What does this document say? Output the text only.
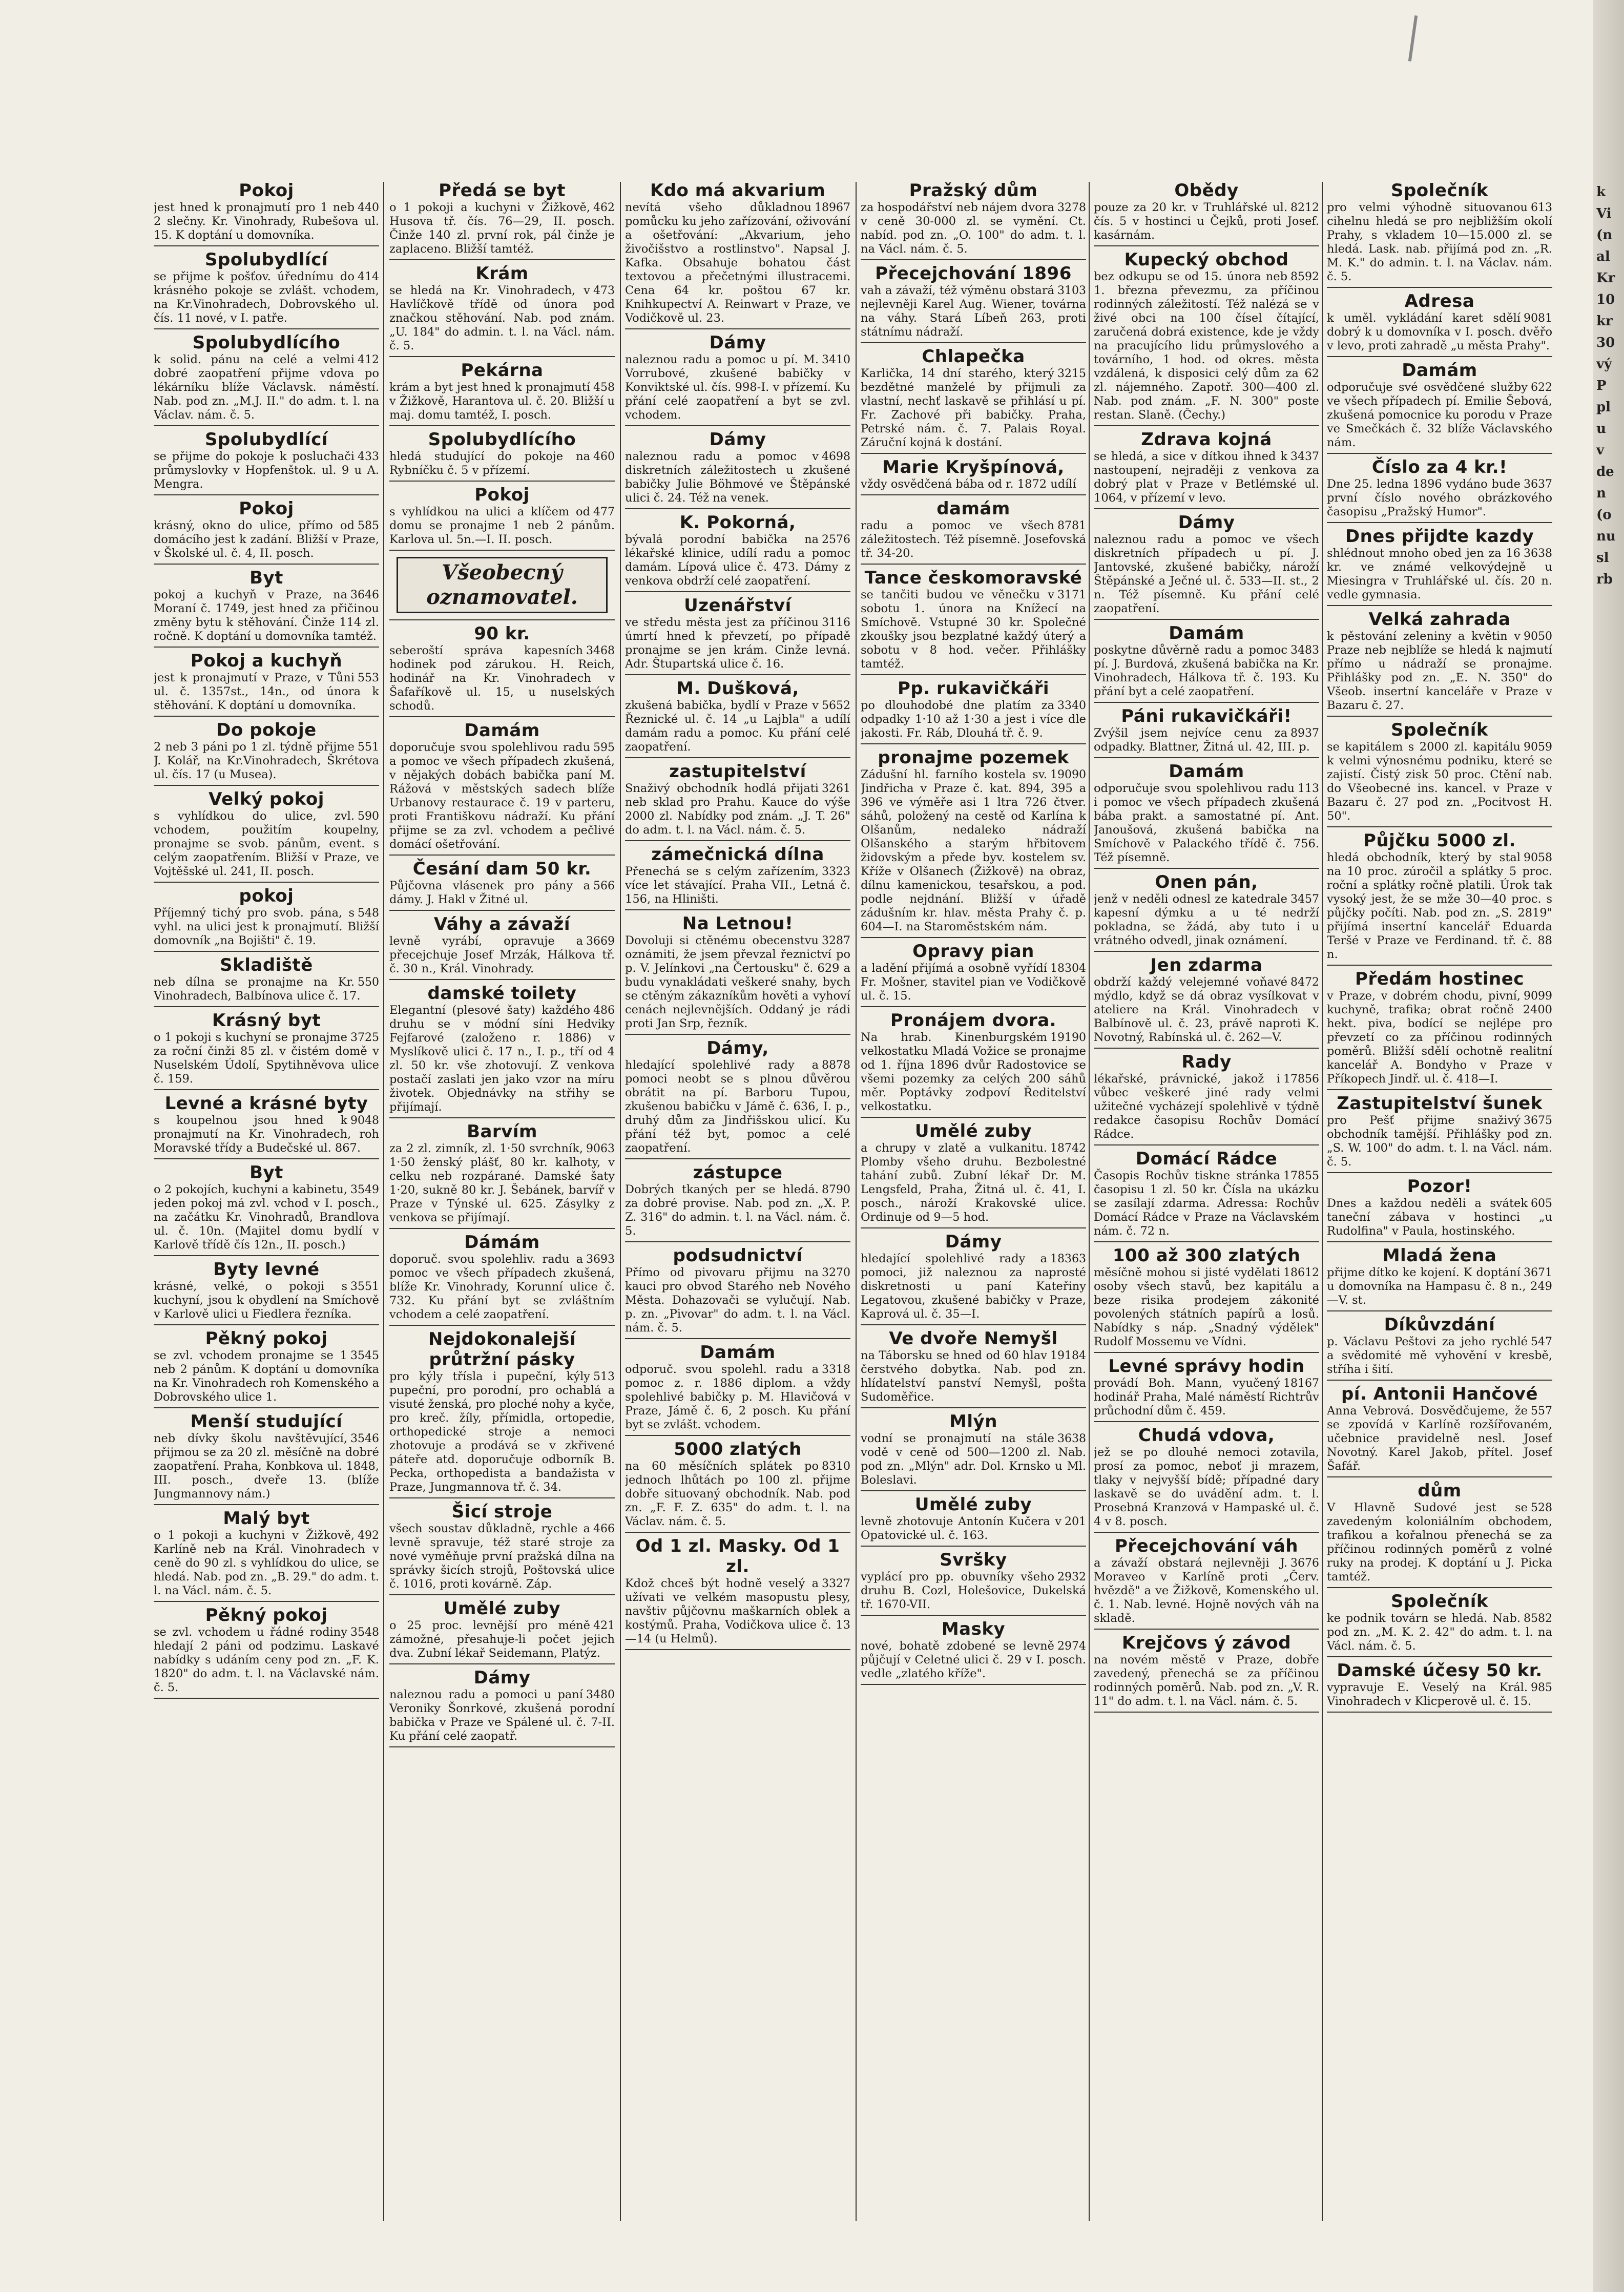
Pokoj
440
jest hned k pronajmutí pro 1 neb 2 slečny. Kr. Vinohrady, Rubešova ul. 15. K doptání u domovníka.
Spolubydlící
414
se přijme k pošťov. úřednímu do krásného pokoje se zvlášt. vchodem, na Kr.Vinohradech, Dobrovského ul. čís. 11 nové, v I. patře.
Spolubydlícího
412
k solid. pánu na celé a velmi dobré zaopatření přijme vdova po lékárníku blíže Václavsk. náměstí. Nab. pod zn. „M.J. II." do adm. t. l. na Václav. nám. č. 5.
Spolubydlící
433
se přijme do pokoje k posluchači průmyslovky v Hopfenštok. ul. 9 u A. Mengra.
Pokoj
585
krásný, okno do ulice, přímo od domácího jest k zadání. Bližší v Praze, v Školské ul. č. 4, II. posch.
Byt
3646
pokoj a kuchyň v Praze, na Moraní č. 1749, jest hned za přičinou změny bytu k stěhování. Činže 114 zl. ročně. K doptání u domovníka tamtéž.
Pokoj a kuchyň
553
jest k pronajmutí v Praze, v Tůni ul. č. 1357st., 14n., od února k stěhování. K doptání u domovníka.
Do pokoje
551
2 neb 3 páni po 1 zl. týdně přijme J. Kolář, na Kr.Vinohradech, Škrétova ul. čís. 17 (u Musea).
Velký pokoj
590
s vyhlídkou do ulice, zvl. vchodem, použitím koupelny, pronajme se svob. pánům, event. s celým zaopatřením. Bližší v Praze, ve Vojtěšské ul. 241, II. posch.
pokoj
548
Příjemný tichý pro svob. pána, s vyhl. na ulici jest k pronajmutí. Bližší domovník „na Bojišti" č. 19.
Skladiště
550
neb dílna se pronajme na Kr. Vinohradech, Balbínova ulice č. 17.
Krásný byt
3725
o 1 pokoji s kuchyní se pronajme za roční činži 85 zl. v čistém domě v Nuselském Údolí, Spytihněvova ulice č. 159.
Levné a krásné byty
9048
s koupelnou jsou hned k pronajmutí na Kr. Vinohradech, roh Moravské třídy a Budečské ul. 867.
Byt
3549
o 2 pokojích, kuchyni a kabinetu, jeden pokoj má zvl. vchod v I. posch., na začátku Kr. Vinohradů, Brandlova ul. č. 10n. (Majitel domu bydlí v Karlově třídě čís 12n., II. posch.)
Byty levné
3551
krásné, velké, o pokoji s kuchyní, jsou k obydlení na Smíchově v Karlově ulici u Fiedlera řezníka.
Pěkný pokoj
3545
se zvl. vchodem pronajme se 1 neb 2 pánům. K doptání u domovníka na Kr. Vinohradech roh Komenského a Dobrovského ulice 1.
Menší studující
3546
neb dívky školu navštěvující, přijmou se za 20 zl. měsíčně na dobré zaopatření. Praha, Konbkova ul. 1848, III. posch., dveře 13. (blíže Jungmannovy nám.)
Malý byt
492
o 1 pokoji a kuchyni v Žižkově, Karlíně neb na Král. Vinohradech v ceně do 90 zl. s vyhlídkou do ulice, se hledá. Nab. pod zn. „B. 29." do adm. t. l. na Václ. nám. č. 5.
Pěkný pokoj
3548
se zvl. vchodem u řádné rodiny hledají 2 páni od podzimu. Laskavé nabídky s udáním ceny pod zn. „F. K. 1820" do adm. t. l. na Václavské nám. č. 5.
Předá se byt
462
o 1 pokoji a kuchyni v Žižkově, Husova tř. čís. 76—29, II. posch. Činže 140 zl. první rok, pál činže je zaplaceno. Bližší tamtéž.
Krám
473
se hledá na Kr. Vinohradech, v Havlíčkově třídě od února pod značkou stěhování. Nab. pod znám. „U. 184" do admin. t. l. na Václ. nám. č. 5.
Pekárna
458
krám a byt jest hned k pronajmutí v Žižkově, Harantova ul. č. 20. Bližší u maj. domu tamtéž, I. posch.
Spolubydlícího
460
hledá studující do pokoje na Rybníčku č. 5 v přízemí.
Pokoj
477
s vyhlídkou na ulici a klíčem od domu se pronajme 1 neb 2 pánům. Karlova ul. 5n.—I. II. posch.
Všeobecný oznamovatel.
90 kr.
3468
seberoští správa kapesních hodinek pod zárukou. H. Reich, hodinář na Kr. Vinohradech v Šafaříkově ul. 15, u nuselských schodů.
Damám
595
doporučuje svou spolehlivou radu a pomoc ve všech případech zkušená, v nějakých dobách babička paní M. Rážová v městských sadech blíže Urbanovy restaurace č. 19 v parteru, proti Františkovu nádraží. Ku přání přijme se za zvl. vchodem a pečlivé domácí ošetřování.
Česání dam 50 kr.
566
Půjčovna vlásenek pro pány a dámy. J. Hakl v Žitné ul.
Váhy a závaží
3669
levně vyrábí, opravuje a přecejchuje Josef Mrzák, Hálkova tř. č. 30 n., Král. Vinohrady.
damské toilety
486
Elegantní (plesové šaty) každého druhu se v módní síni Hedviky Fejfarové (založeno r. 1886) v Myslíkově ulici č. 17 n., I. p., tří od 4 zl. 50 kr. vše zhotovují. Z venkova postačí zaslati jen jako vzor na míru životek. Objednávky na střihy se přijímají.
Barvím
9063
za 2 zl. zimník, zl. 1·50 svrchník, 1·50 ženský plášť, 80 kr. kalhoty, v celku neb rozpárané. Damské šaty 1·20, sukně 80 kr. J. Šebánek, barvíř v Praze v Týnské ul. 625. Zásylky z venkova se přijímají.
Dámám
3693
doporuč. svou spolehliv. radu a pomoc ve všech případech zkušená, blíže Kr. Vinohrady, Korunní ulice č. 732. Ku přání byt se zvláštním vchodem a celé zaopatření.
Nejdokonalejší průtržní pásky
513
pro kýly třísla i pupeční, kýly pupeční, pro porodní, pro ochablá a visuté ženská, pro ploché nohy a kyče, pro kreč. žíly, přímidla, ortopedie, orthopedické stroje a nemoci zhotovuje a prodává se v zkřivené páteře atd. doporučuje odborník B. Pecka, orthopedista a bandažista v Praze, Jungmannova tř. č. 34.
Šicí stroje
466
všech soustav důkladně, rychle a levně spravuje, též staré stroje za nové vyměňuje první pražská dílna na správky šicích strojů, Poštovská ulice č. 1016, proti kovárně. Záp.
Umělé zuby
421
o 25 proc. levnější pro méně zámožné, přesahuje-li počet jejich dva. Zubní lékař Seidemann, Platýz.
Dámy
3480
naleznou radu a pomoci u paní Veroniky Šonrkové, zkušená porodní babička v Praze ve Spálené ul. č. 7-II. Ku přání celé zaopatř.
Kdo má akvarium
18967
nevítá všeho důkladnou pomůcku ku jeho zařízování, oživování a ošetřování: „Akvarium, jeho živočišstvo a rostlinstvo". Napsal J. Kafka. Obsahuje bohatou část textovou a přečetnými illustracemi. Cena 64 kr. poštou 67 kr. Knihkupectví A. Reinwart v Praze, ve Vodičkově ul. 23.
Dámy
3410
naleznou radu a pomoc u pí. M. Vorrubové, zkušené babičky v Konviktské ul. čís. 998-I. v přízemí. Ku přání celé zaopatření a byt se zvl. vchodem.
Dámy
4698
naleznou radu a pomoc v diskretních záležitostech u zkušené babičky Julie Böhmové ve Štěpánské ulici č. 24. Též na venek.
K. Pokorná,
2576
bývalá porodní babička na lékařské klinice, udílí radu a pomoc damám. Lípová ulice č. 473. Dámy z venkova obdrží celé zaopatření.
Uzenářství
3116
ve středu města jest za příčinou úmrtí hned k převzetí, po případě pronajme se jen krám. Cinže levná. Adr. Štupartská ulice č. 16.
M. Dušková,
5652
zkušená babička, bydlí v Praze v Řeznické ul. č. 14 „u Lajbla" a udílí damám radu a pomoc. Ku přání celé zaopatření.
zastupitelství
3261
Snaživý obchodník hodlá přijati neb sklad pro Prahu. Kauce do výše 2000 zl. Nabídky pod znám. „J. T. 26" do adm. t. l. na Václ. nám. č. 5.
zámečnická dílna
3323
Přenechá se s celým zařízením, více let stávající. Praha VII., Letná č. 156, na Hliništi.
Na Letnou!
3287
Dovoluji si ctěnému obecenstvu oznámiti, že jsem převzal řeznictví po p. V. Jelínkovi „na Čertousku" č. 629 a budu vynakládati veškeré snahy, bych se ctěným zákazníkům hověti a vyhoví cenách nejlevnějších. Oddaný je rádi proti Jan Srp, řezník.
Dámy,
8878
hledající spolehlivé rady a pomoci neobt se s plnou důvěrou obrátit na pí. Barboru Tupou, zkušenou babičku v Jámě č. 636, I. p., druhý dům za Jindřišskou ulicí. Ku přání též byt, pomoc a celé zaopatření.
zástupce
8790
Dobrých tkaných per se hledá. za dobré provise. Nab. pod zn. „X. P. Z. 316" do admin. t. l. na Václ. nám. č. 5.
podsudnictví
3270
Přímo od pivovaru přijmu na kauci pro obvod Starého neb Nového Města. Dohazovači se vylučují. Nab. p. zn. „Pivovar" do adm. t. l. na Václ. nám. č. 5.
Damám
3318
odporuč. svou spolehl. radu a pomoc z. r. 1886 diplom. a vždy spolehlivé babičky p. M. Hlavičová v Praze, Jámě č. 6, 2 posch. Ku přání byt se zvlášt. vchodem.
5000 zlatých
8310
na 60 měsíčních splátek po jednoch lhůtách po 100 zl. přijme dobře situovaný obchodník. Nab. pod zn. „F. F. Z. 635" do adm. t. l. na Václav. nám. č. 5.
Od 1 zl. Masky. Od 1 zl.
3327
Kdož chceš být hodně veselý a užívati ve velkém masopustu plesy, navštiv půjčovnu maškarních oblek a kostýmů. Praha, Vodičkova ulice č. 13—14 (u Helmů).
Pražský dům
3278
za hospodářství neb nájem dvora v ceně 30-000 zl. se vymění. Ct. nabíd. pod zn. „O. 100" do adm. t. l. na Václ. nám. č. 5.
Přecejchování 1896
3103
vah a závaží, též výměnu obstará nejlevněji Karel Aug. Wiener, továrna na váhy. Stará Líbeň 263, proti státnímu nádraží.
Chlapečka
3215
Karlička, 14 dní starého, který bezdětné manželé by přijmuli za vlastní, nechť laskavě se přihlásí u pí. Fr. Zachové při babičky. Praha, Petrské nám. č. 7. Palais Royal. Záruční kojná k dostání.
Marie Kryšpínová,
vždy osvědčená bába od r. 1872 udílí
damám
8781
radu a pomoc ve všech záležitostech. Též písemně. Josefovská tř. 34-20.
Tance českomoravské
3171
se tančiti budou ve věnečku v sobotu 1. února na Knížecí na Smíchově. Vstupné 30 kr. Společné zkoušky jsou bezplatné každý úterý a sobotu v 8 hod. večer. Přihlášky tamtéž.
Pp. rukavičkáři
3340
po dlouhodobé dne platím za odpadky 1·10 až 1·30 a jest i více dle jakosti. Fr. Ráb, Dlouhá tř. č. 9.
pronajme pozemek
19090
Zádušní hl. farního kostela sv. Jindřicha v Praze č. kat. 894, 395 a 396 ve výměře asi 1 ltra 726 čtver. sáhů, položený na cestě od Karlína k Olšanům, nedaleko nádraží Olšanského a starým hřbitovem židovským a přede byv. kostelem sv. Kříže v Olšanech (Žižkově) na obraz, dílnu kamenickou, tesařskou, a pod. podle nejdnání. Bližší v úřadě zádušním kr. hlav. města Prahy č. p. 604—I. na Staroměstském nám.
Opravy pian
18304
a ladění přijímá a osobně vyřídí Fr. Mošner, stavitel pian ve Vodičkově ul. č. 15.
Pronájem dvora.
19190
Na hrab. Kinenburgském velkostatku Mladá Vožice se pronajme od 1. října 1896 dvůr Radostovice se všemi pozemky za celých 200 sáhů měr. Poptávky zodpoví Ředitelství velkostatku.
Umělé zuby
18742
a chrupy v zlatě a vulkanitu. Plomby všeho druhu. Bezbolestné tahání zubů. Zubní lékař Dr. M. Lengsfeld, Praha, Žitná ul. č. 41, I. posch., nároží Krakovské ulice. Ordinuje od 9—5 hod.
Dámy
18363
hledající spolehlivé rady a pomoci, již naleznou za naprosté diskretnosti u paní Kateřiny Legatovou, zkušené babičky v Praze, Kaprová ul. č. 35—I.
Ve dvoře Nemyšl
19184
na Táborsku se hned od 60 hlav čerstvého dobytka. Nab. pod zn. hlídatelství panství Nemyšl, pošta Sudoměřice.
Mlýn
3638
vodní se pronajmutí na stále vodě v ceně od 500—1200 zl. Nab. pod zn. „Mlýn" adr. Dol. Krnsko u Ml. Boleslavi.
Umělé zuby
201
levně zhotovuje Antonín Kučera v Opatovické ul. č. 163.
Svršky
2932
vyplácí pro pp. obuvníky všeho druhu B. Cozl, Holešovice, Dukelská tř. 1670-VII.
Masky
2974
nové, bohatě zdobené se levně půjčují v Celetné ulici č. 29 v I. posch. vedle „zlatého kříže".
Obědy
8212
pouze za 20 kr. v Truhlářské ul. čís. 5 v hostinci u Čejků, proti Josef. kasárnám.
Kupecký obchod
8592
bez odkupu se od 15. února neb 1. března převezmu, za příčinou rodinných záležitostí. Též nalézá se v živé obci na 100 čísel čítající, zaručená dobrá existence, kde je vždy na pracujícího lidu průmyslového a továrního, 1 hod. od okres. města vzdálená, k disposici celý dům za 62 zl. nájemného. Zapotř. 300—400 zl. Nab. pod znám. „F. N. 300" poste restan. Slaně. (Čechy.)
Zdrava kojná
3437
se hledá, a sice v dítkou ihned k nastoupení, nejraději z venkova za dobrý plat v Praze v Betlémské ul. 1064, v přízemí v levo.
Dámy
naleznou radu a pomoc ve všech diskretních případech u pí. J. Jantovské, zkušené babičky, nároží Štěpánské a Ječné ul. č. 533—II. st., 2 n. Též písemně. Ku přání celé zaopatření.
Damám
3483
poskytne důvěrně radu a pomoc pí. J. Burdová, zkušená babička na Kr. Vinohradech, Hálkova tř. č. 193. Ku přání byt a celé zaopatření.
Páni rukavičkáři!
8937
Zvýšil jsem nejvíce cenu za odpadky. Blattner, Žitná ul. 42, III. p.
Damám
113
odporučuje svou spolehlivou radu i pomoc ve všech případech zkušená bába prakt. a samostatné pí. Ant. Janoušová, zkušená babička na Smíchově v Palackého třídě č. 756. Též písemně.
Onen pán,
3457
jenž v neděli odnesl ze katedrale kapesní dýmku a u té nedrží pokladna, se žádá, aby tuto i u vrátného odvedl, jinak oznámení.
Jen zdarma
8472
obdrží každý velejemné voňavé mýdlo, když se dá obraz vysílkovat v ateliere na Král. Vinohradech v Balbínově ul. č. 23, právě naproti K. Novotný, Rabínská ul. č. 262—V.
Rady
17856
lékařské, právnické, jakož i vůbec veškeré jiné rady velmi užitečné vycházejí spolehlivě v týdně redakce časopisu Rochův Domácí Rádce.
Domácí Rádce
17855
Časopis Rochův tiskne stránka časopisu 1 zl. 50 kr. Čísla na ukázku se zasílají zdarma. Adressa: Rochův Domácí Rádce v Praze na Václavském nám. č. 72 n.
100 až 300 zlatých
18612
měsíčně mohou si jisté vydělati osoby všech stavů, bez kapitálu a beze risika prodejem zákonité povolených státních papírů a losů. Nabídky s náp. „Snadný výdělek" Rudolf Mossemu ve Vídni.
Levné správy hodin
18167
provádí Boh. Mann, vyučený hodinář Praha, Malé náměstí Richtrův průchodní dům č. 459.
Chudá vdova,
jež se po dlouhé nemoci zotavila, prosí za pomoc, neboť ji mrazem, tlaky v nejvyšší bídě; případné dary laskavě se do uvádění adm. t. l. Prosebná Kranzová v Hampaské ul. č. 4 v 8. posch.
Přecejchování váh
3676
a závaží obstará nejlevněji J. Moraveo v Karlíně proti „Červ. hvězdě" a ve Žižkově, Komenského ul. č. 1. Nab. levné. Hojně nových váh na skladě.
Krejčovs ý závod
na novém městě v Praze, dobře zavedený, přenechá se za příčinou rodinných poměrů. Nab. pod zn. „V. R. 11" do adm. t. l. na Václ. nám. č. 5.
Společník
613
pro velmi výhodně situovanou cihelnu hledá se pro nejbližším okolí Prahy, s vkladem 10—15.000 zl. se hledá. Lask. nab. přijímá pod zn. „R. M. K." do admin. t. l. na Václav. nám. č. 5.
Adresa
9081
k uměl. vykládání karet sdělí dobrý k u domovníka v I. posch. dvěřo v levo, proti zahradě „u města Prahy".
Damám
622
odporučuje své osvědčené služby ve všech případech pí. Emilie Šebová, zkušená pomocnice ku porodu v Praze ve Smečkách č. 32 blíže Václavského nám.
Číslo za 4 kr.!
3637
Dne 25. ledna 1896 vydáno bude první číslo nového obrázkového časopisu „Pražský Humor".
Dnes přijdte kazdy
3638
shlédnout mnoho obed jen za 16 kr. ve známé velkovýdejně u Miesingra v Truhlářské ul. čís. 20 n. vedle gymnasia.
Velká zahrada
9050
k pěstování zeleniny a květin v Praze neb nejblíže se hledá k najmutí přímo u nádraží se pronajme. Přihlášky pod zn. „E. N. 350" do Všeob. insertní kanceláře v Praze v Bazaru č. 27.
Společník
9059
se kapitálem s 2000 zl. kapitálu k velmi výnosnému podniku, které se zajistí. Čistý zisk 50 proc. Ctění nab. do Všeobecné ins. kancel. v Praze v Bazaru č. 27 pod zn. „Pocitvost H. 50".
Půjčku 5000 zl.
9058
hledá obchodník, který by stal na 10 proc. zúročil a splátky 5 proc. roční a splátky ročně platili. Úrok tak vysoký jest, že se mže 30—40 proc. s půjčky počíti. Nab. pod zn. „S. 2819" přijímá insertní kancelář Eduarda Teršé v Praze ve Ferdinand. tř. č. 88 n.
Předám hostinec
9099
v Praze, v dobrém chodu, pivní, kuchyně, trafika; obrat ročně 2400 hekt. piva, bodící se nejlépe pro převzetí co za příčinou rodinných poměrů. Bližší sdělí ochotně realitní kancelář A. Bondyho v Praze v Příkopech Jindř. ul. č. 418—I.
Zastupitelství šunek
3675
pro Pešť přijme snaživý obchodník tamější. Přihlášky pod zn. „S. W. 100" do adm. t. l. na Václ. nám. č. 5.
Pozor!
605
Dnes a každou neděli a svátek taneční zábava v hostinci „u Rudolfina" v Paula, hostinského.
Mladá žena
3671
přijme dítko ke kojení. K doptání u domovníka na Hampasu č. 8 n., 249—V. st.
Díkůvzdání
547
p. Václavu Peštovi za jeho rychlé a svědomité mě vyhovění v kresbě, stříha i šití.
pí. Antonii Hančové
557
Anna Vebrová. Dosvědčujeme, že se zpovídá v Karlíně rozšířovaném, učebnice pravidelně nesl. Josef Novotný. Karel Jakob, přítel. Josef Šafář.
dům
528
V Hlavně Sudové jest se zavedeným koloniálním obchodem, trafikou a kořalnou přenechá se za příčinou rodinných poměrů z volné ruky na prodej. K doptání u J. Picka tamtéž.
Společník
8582
ke podnik továrn se hledá. Nab. pod zn. „M. K. 2. 42" do adm. t. l. na Václ. nám. č. 5.
Damské účesy 50 kr.
985
vypravuje E. Veselý na Král. Vinohradech v Klicperově ul. č. 15.
k
Vi
(n
al
Kr
10
kr
30
vý
P
pl
u
v
de
n
(o
nu
sl
rb
